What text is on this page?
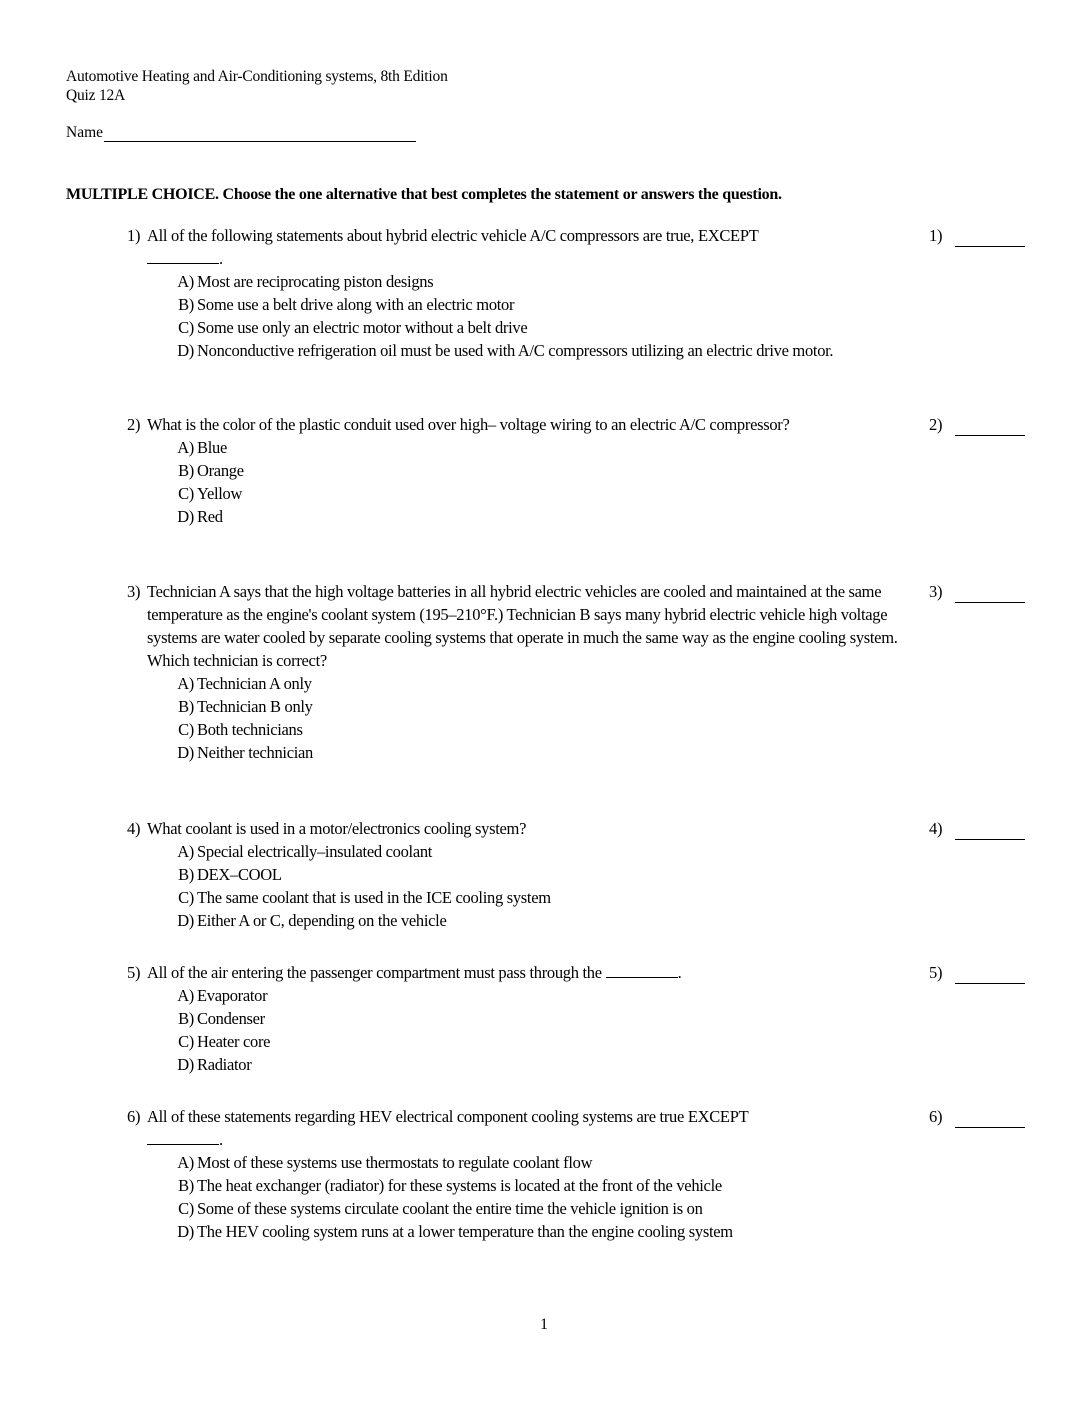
Automotive Heating and Air-Conditioning systems, 8th Edition
Quiz 12A
Name
MULTIPLE CHOICE. Choose the one alternative that best completes the statement or answers the question.
1) All of the following statements about hybrid electric vehicle A/C compressors are true, EXCEPT
.
1)
A) Most are reciprocating piston designs
B) Some use a belt drive along with an electric motor
C) Some use only an electric motor without a belt drive
D) Nonconductive refrigeration oil must be used with A/C compressors utilizing an electric drive motor.
2) What is the color of the plastic conduit used over high– voltage wiring to an electric A/C compressor?	2)
A) Blue
B) Orange
C) Yellow
D) Red
3) Technician A says that the high voltage batteries in all hybrid electric vehicles are cooled and maintained at the same temperature as the engine's coolant system (195–210°F.) Technician B says many hybrid electric vehicle high voltage systems are water cooled by separate cooling systems that operate in much the same way as the engine cooling system. Which technician is correct?
3)
A) Technician A only
B) Technician B only
C) Both technicians
D) Neither technician
4) What coolant is used in a motor/electronics cooling system?	4)
A) Special electrically–insulated coolant
B) DEX–COOL
C) The same coolant that is used in the ICE cooling system
D) Either A or C, depending on the vehicle
5) All of the air entering the passenger compartment must pass through the	.	5)
A) Evaporator
B) Condenser
C) Heater core
D) Radiator
6) All of these statements regarding HEV electrical component cooling systems are true EXCEPT
.
6)
A) Most of these systems use thermostats to regulate coolant flow
B) The heat exchanger (radiator) for these systems is located at the front of the vehicle
C) Some of these systems circulate coolant the entire time the vehicle ignition is on
D) The HEV cooling system runs at a lower temperature than the engine cooling system
1
